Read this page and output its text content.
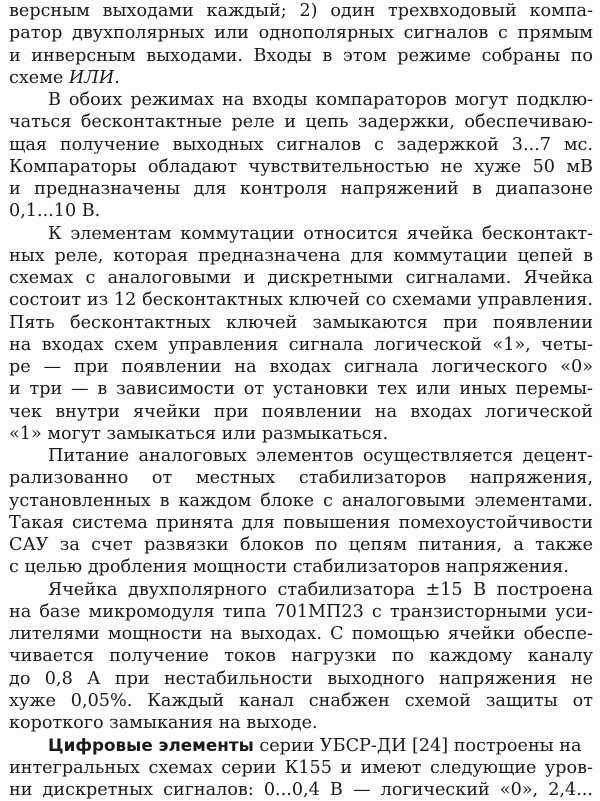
версным выходами каждый; 2) один трехвходовый компа-
ратор двухполярных или однополярных сигналов с прямым
и инверсным выходами. Входы в этом режиме собраны по
схеме ИЛИ.
В обоих режимах на входы компараторов могут подклю-
чаться бесконтактные реле и цепь задержки, обеспечиваю-
щая получение выходных сигналов с задержкой 3...7 мс.
Компараторы обладают чувствительностью не хуже 50 мВ
и предназначены для контроля напряжений в диапазоне
0,1...10 В.
К элементам коммутации относится ячейка бесконтакт-
ных реле, которая предназначена для коммутации цепей в
схемах с аналоговыми и дискретными сигналами. Ячейка
состоит из 12 бесконтактных ключей со схемами управления.
Пять бесконтактных ключей замыкаются при появлении
на входах схем управления сигнала логической «1», четы-
ре — при появлении на входах сигнала логического «0»
и три — в зависимости от установки тех или иных перемы-
чек внутри ячейки при появлении на входах логической
«1» могут замыкаться или размыкаться.
Питание аналоговых элементов осуществляется децент-
рализованно от местных стабилизаторов напряжения,
установленных в каждом блоке с аналоговыми элементами.
Такая система принята для повышения помехоустойчивости
САУ за счет развязки блоков по цепям питания, а также
с целью дробления мощности стабилизаторов напряжения.
Ячейка двухполярного стабилизатора ±15 В построена
на базе микромодуля типа 701МП23 с транзисторными уси-
лителями мощности на выходах. С помощью ячейки обеспе-
чивается получение токов нагрузки по каждому каналу
до 0,8 А при нестабильности выходного напряжения не
хуже 0,05%. Каждый канал снабжен схемой защиты от
короткого замыкания на выходе.
Цифровые элементы серии УБСР-ДИ [24] построены на
интегральных схемах серии К155 и имеют следующие уров-
ни дискретных сигналов: 0...0,4 В — логический «0», 2,4...
